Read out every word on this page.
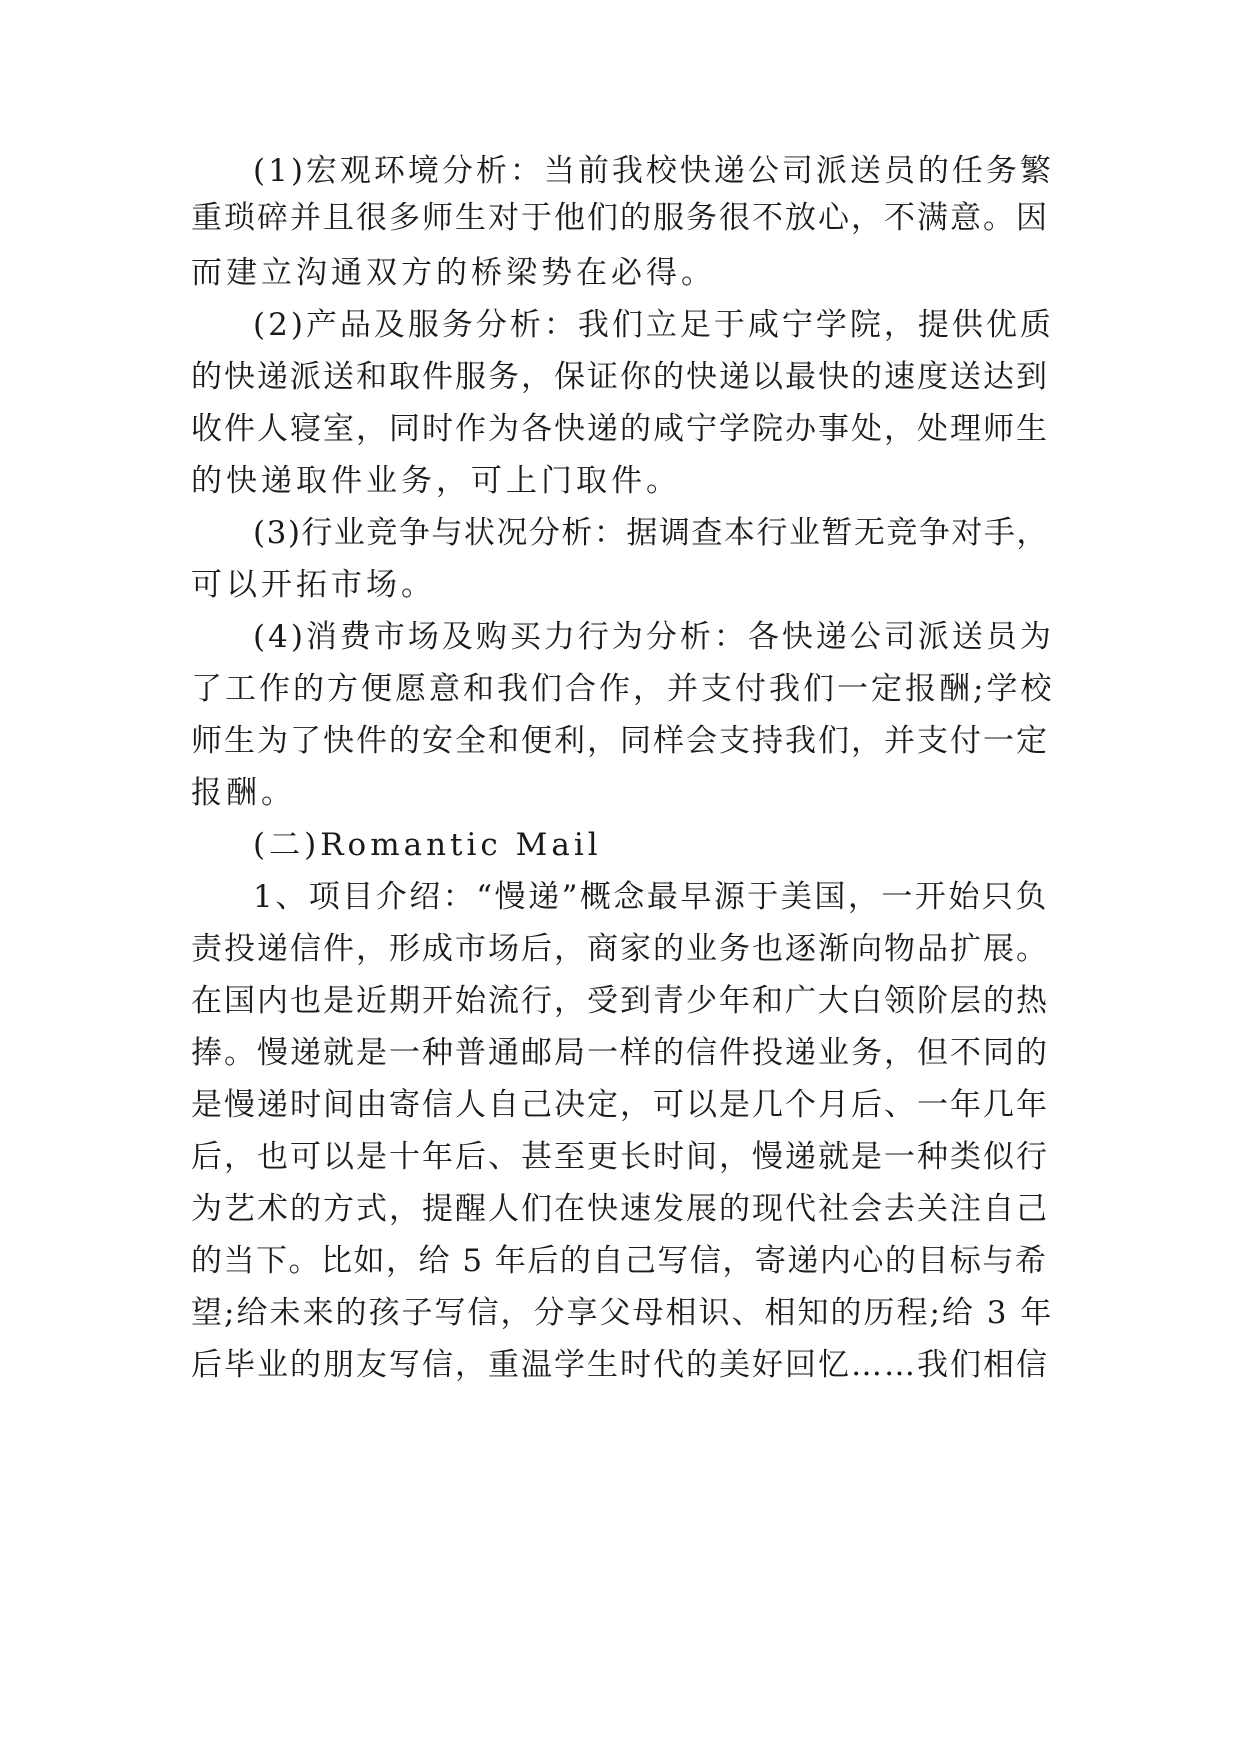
(1)宏观环境分析：当前我校快递公司派送员的任务繁
重琐碎并且很多师生对于他们的服务很不放心，不满意。因
而建立沟通双方的桥梁势在必得。
(2)产品及服务分析：我们立足于咸宁学院，提供优质
的快递派送和取件服务，保证你的快递以最快的速度送达到
收件人寝室，同时作为各快递的咸宁学院办事处，处理师生
的快递取件业务，可上门取件。
(3)行业竞争与状况分析：据调查本行业暂无竞争对手，
可以开拓市场。
(4)消费市场及购买力行为分析：各快递公司派送员为
了工作的方便愿意和我们合作，并支付我们一定报酬;学校
师生为了快件的安全和便利，同样会支持我们，并支付一定
报酬。
(二)Romantic Mail
1、项目介绍：“慢递”概念最早源于美国，一开始只负
责投递信件，形成市场后，商家的业务也逐渐向物品扩展。
在国内也是近期开始流行，受到青少年和广大白领阶层的热
捧。慢递就是一种普通邮局一样的信件投递业务，但不同的
是慢递时间由寄信人自己决定，可以是几个月后、一年几年
后，也可以是十年后、甚至更长时间，慢递就是一种类似行
为艺术的方式，提醒人们在快速发展的现代社会去关注自己
的当下。比如，给 5 年后的自己写信，寄递内心的目标与希
望;给未来的孩子写信，分享父母相识、相知的历程;给 3 年
后毕业的朋友写信，重温学生时代的美好回忆……我们相信
